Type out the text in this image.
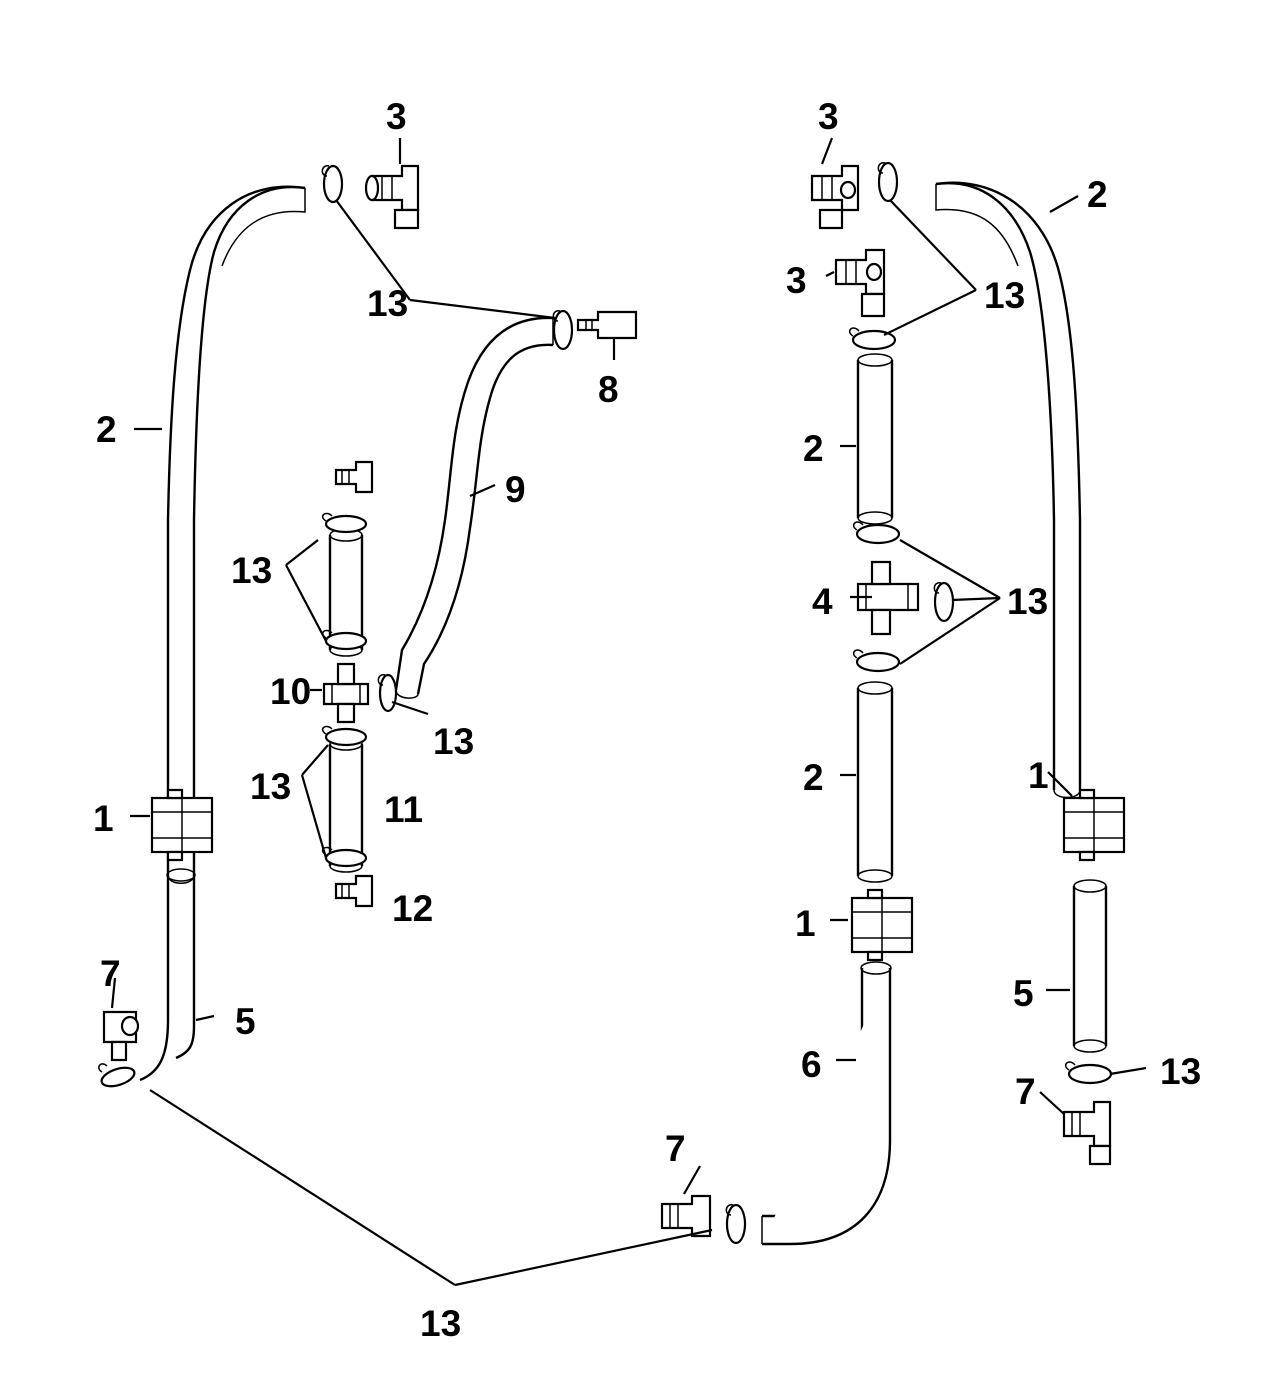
3
13
2
8
9
13
10
13
13
11
12
1
7
5
13
7
3
2
13
3
2
4	13
2	1
1
5
6	13
7
